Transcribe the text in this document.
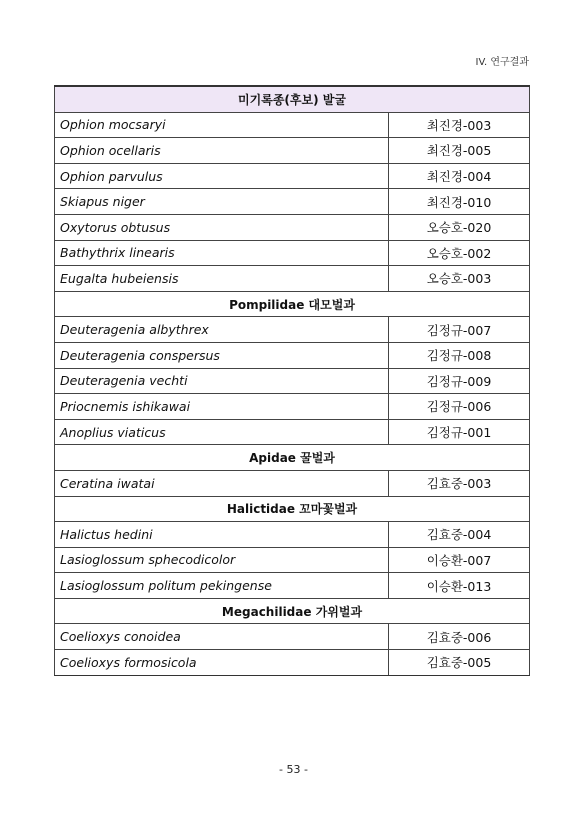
IV. 연구결과
미기록종(후보) 발굴	
Ophion mocsaryi	최진경-003
Ophion ocellaris	최진경-005
Ophion parvulus	최진경-004
Skiapus niger	최진경-010
Oxytorus obtusus	오승호-020
Bathythrix linearis	오승호-002
Eugalta hubeiensis	오승호-003
Pompilidae 대모벌과	
Deuteragenia albythrex	김정규-007
Deuteragenia conspersus	김정규-008
Deuteragenia vechti	김정규-009
Priocnemis ishikawai	김정규-006
Anoplius viaticus	김정규-001
Apidae 꿀벌과	
Ceratina iwatai	김효중-003
Halictidae 꼬마꽃벌과	
Halictus hedini	김효중-004
Lasioglossum sphecodicolor	이승환-007
Lasioglossum politum pekingense	이승환-013
Megachilidae 가위벌과	
Coelioxys conoidea	김효중-006
Coelioxys formosicola	김효중-005
- 53 -
